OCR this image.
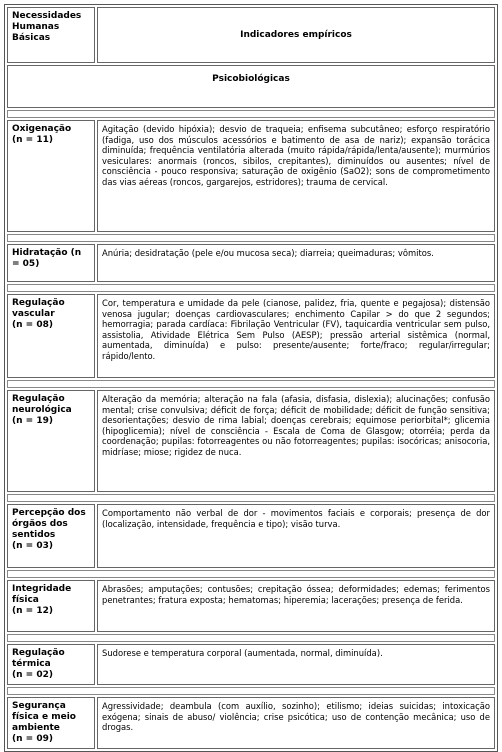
Necessidades Humanas Básicas	Indicadores empíricos
Psicobiológicas	

Oxigenação
(n = 11)	Agitação (devido hipóxia); desvio de traqueia; enfisema subcutâneo; esforço respiratório (fadiga, uso dos músculos acessórios e batimento de asa de nariz); expansão torácica diminuída; frequência ventilatória alterada (muito rápida/rápida/lenta/ausente); murmúrios vesiculares: anormais (roncos, sibilos, crepitantes), diminuídos ou ausentes; nível de consciência - pouco responsiva; saturação de oxigênio (SaO2); sons de comprometimento das vias aéreas (roncos, gargarejos, estridores); trauma de cervical.

Hidratação (n
= 05)	Anúria; desidratação (pele e/ou mucosa seca); diarreia; queimaduras; vômitos.

Regulação vascular
(n = 08)	Cor, temperatura e umidade da pele (cianose, palidez, fria, quente e pegajosa); distensão venosa jugular; doenças cardiovasculares; enchimento Capilar > do que 2 segundos; hemorragia; parada cardíaca: Fibrilação Ventricular (FV), taquicardia ventricular sem pulso, assistolia, Atividade Elétrica Sem Pulso (AESP); pressão arterial sistêmica (normal, aumentada, diminuída) e pulso: presente/ausente; forte/fraco; regular/irregular; rápido/lento.

Regulação neurológica
(n = 19)	Alteração da memória; alteração na fala (afasia, disfasia, dislexia); alucinações; confusão mental; crise convulsiva; déficit de força; déficit de mobilidade; déficit de função sensitiva; desorientações; desvio de rima labial; doenças cerebrais; equimose periorbital*; glicemia (hipoglicemia); nível de consciência - Escala de Coma de Glasgow; otorréia; perda da coordenação; pupilas: fotorreagentes ou não fotorreagentes; pupilas: isocóricas; anisocoria, midríase; miose; rigidez de nuca.

Percepção dos órgãos dos sentidos
(n = 03)	Comportamento não verbal de dor - movimentos faciais e corporais; presença de dor (localização, intensidade, frequência e tipo); visão turva.

Integridade física
(n = 12)	Abrasões; amputações; contusões; crepitação óssea; deformidades; edemas; ferimentos penetrantes; fratura exposta; hematomas; hiperemia; lacerações; presença de ferida.

Regulação térmica
(n = 02)	Sudorese e temperatura corporal (aumentada, normal, diminuída).

Segurança física e meio ambiente
(n = 09)	Agressividade; deambula (com auxílio, sozinho); etilismo; ideias suicidas; intoxicação exógena; sinais de abuso/ violência; crise psicótica; uso de contenção mecânica; uso de drogas.
